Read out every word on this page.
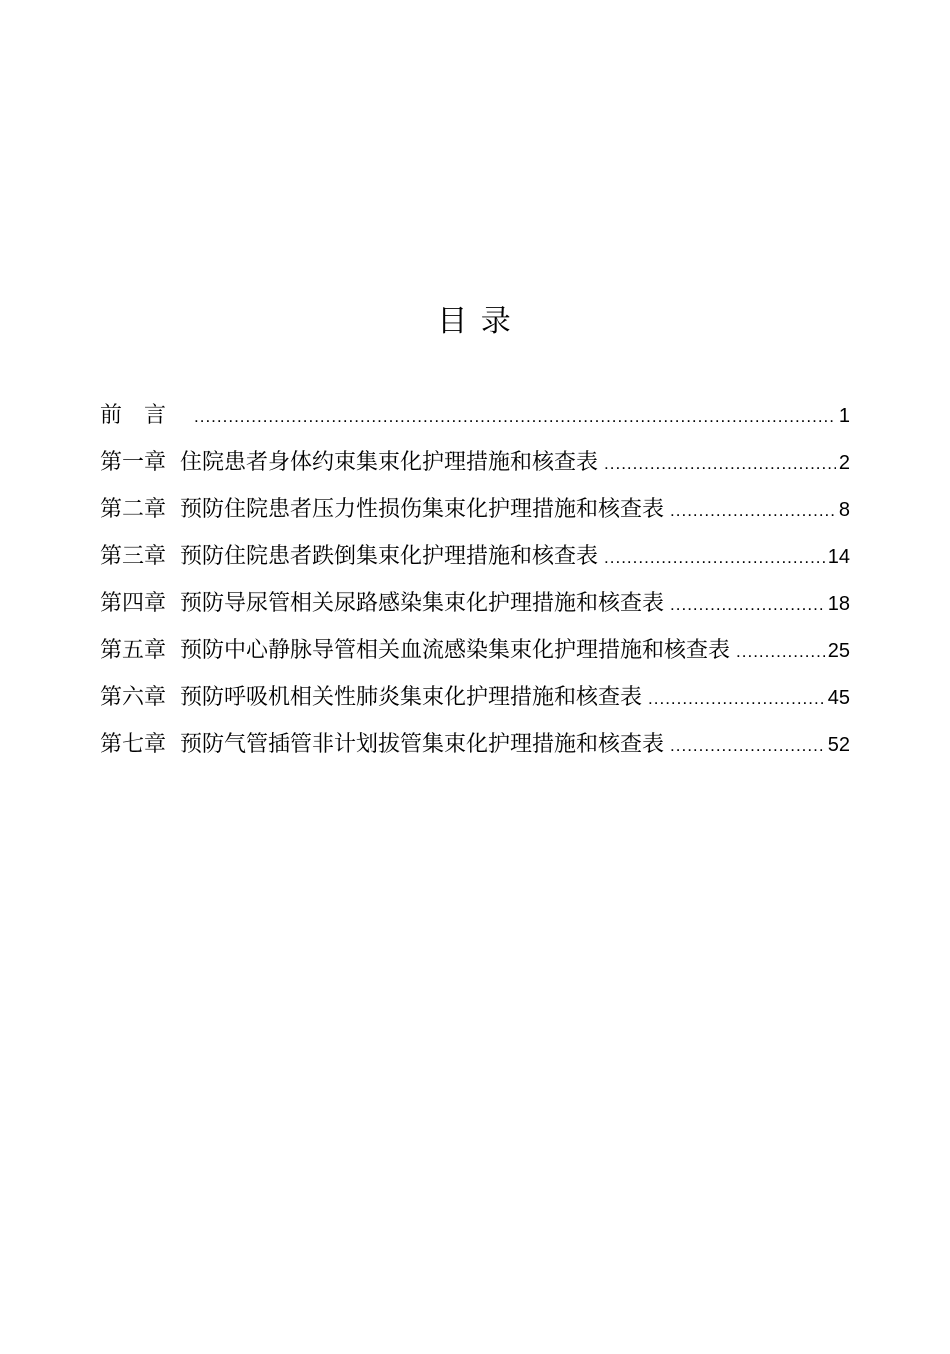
目 录
前言 .....	1
第一章 住院患者身体约束集束化护理措施和核查表 .....	2
第二章 预防住院患者压力性损伤集束化护理措施和核查表 .....	8
第三章 预防住院患者跌倒集束化护理措施和核查表 .....	14
第四章 预防导尿管相关尿路感染集束化护理措施和核查表 .....	18
第五章 预防中心静脉导管相关血流感染集束化护理措施和核查表 .....	25
第六章 预防呼吸机相关性肺炎集束化护理措施和核查表 .....	45
第七章 预防气管插管非计划拔管集束化护理措施和核查表 .....	52
